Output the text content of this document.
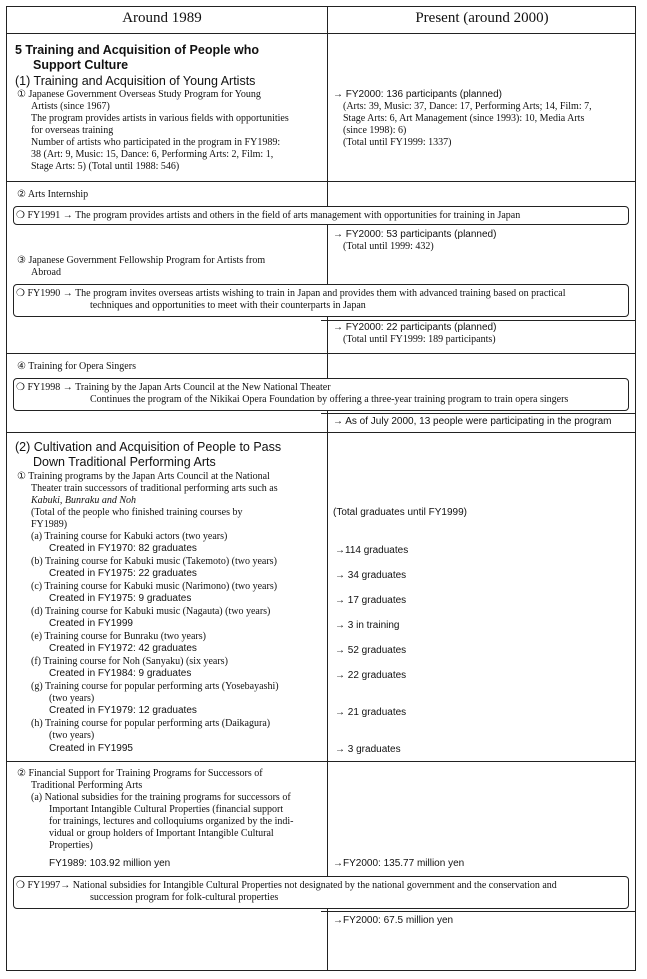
Around 1989	Present (around 2000)
5 Training and Acquisition of People who
Support Culture
(1) Training and Acquisition of Young Artists
① Japanese Government Overseas Study Program for Young
Artists (since 1967)
The program provides artists in various fields with opportunities
for overseas training
Number of artists who participated in the program in FY1989:
38 (Art: 9, Music: 15, Dance: 6, Performing Arts: 2, Film: 1,
Stage Arts: 5) (Total until 1988: 546)
→ FY2000: 136 participants (planned)
(Arts: 39, Music: 37, Dance: 17, Performing Arts; 14, Film: 7,
Stage Arts: 6, Art Management (since 1993): 10, Media Arts
(since 1998): 6)
(Total until FY1999: 1337)
② Arts Internship
❍ FY1991 → The program provides artists and others in the field of arts management with opportunities for training in Japan
→ FY2000: 53 participants (planned)
(Total until 1999: 432)
③ Japanese Government Fellowship Program for Artists from
Abroad
❍ FY1990 → The program invites overseas artists wishing to train in Japan and provides them with advanced training based on practical
techniques and opportunities to meet with their counterparts in Japan
→ FY2000: 22 participants (planned)
(Total until FY1999: 189 participants)
④ Training for Opera Singers
❍ FY1998 → Training by the Japan Arts Council at the New National Theater
Continues the program of the Nikikai Opera Foundation by offering a three-year training program to train opera singers
→ As of July 2000, 13 people were participating in the program
(2) Cultivation and Acquisition of People to Pass
Down Traditional Performing Arts
① Training programs by the Japan Arts Council at the National
Theater train successors of traditional performing arts such as
Kabuki, Bunraku and Noh
(Total of the people who finished training courses by
FY1989)
(Total graduates until FY1999)
(a) Training course for Kabuki actors (two years)
Created in FY1970: 82 graduates	→114 graduates
(b) Training course for Kabuki music (Takemoto) (two years)
Created in FY1975: 22 graduates	→ 34 graduates
(c) Training course for Kabuki music (Narimono) (two years)
Created in FY1975: 9 graduates	→ 17 graduates
(d) Training course for Kabuki music (Nagauta) (two years)
Created in FY1999	→ 3 in training
(e) Training course for Bunraku (two years)
Created in FY1972: 42 graduates	→ 52 graduates
(f) Training course for Noh (Sanyaku) (six years)
Created in FY1984: 9 graduates	→ 22 graduates
(g) Training course for popular performing arts (Yosebayashi)
(two years)
Created in FY1979: 12 graduates	→ 21 graduates
(h) Training course for popular performing arts (Daikagura)
(two years)
Created in FY1995	→ 3 graduates
② Financial Support for Training Programs for Successors of
Traditional Performing Arts
(a) National subsidies for the training programs for successors of
Important Intangible Cultural Properties (financial support
for trainings, lectures and colloquiums organized by the indi-
vidual or group holders of Important Intangible Cultural
Properties)
FY1989: 103.92 million yen	→FY2000: 135.77 million yen
❍ FY1997→ National subsidies for Intangible Cultural Properties not designated by the national government and the conservation and
succession program for folk-cultural properties
→FY2000: 67.5 million yen
